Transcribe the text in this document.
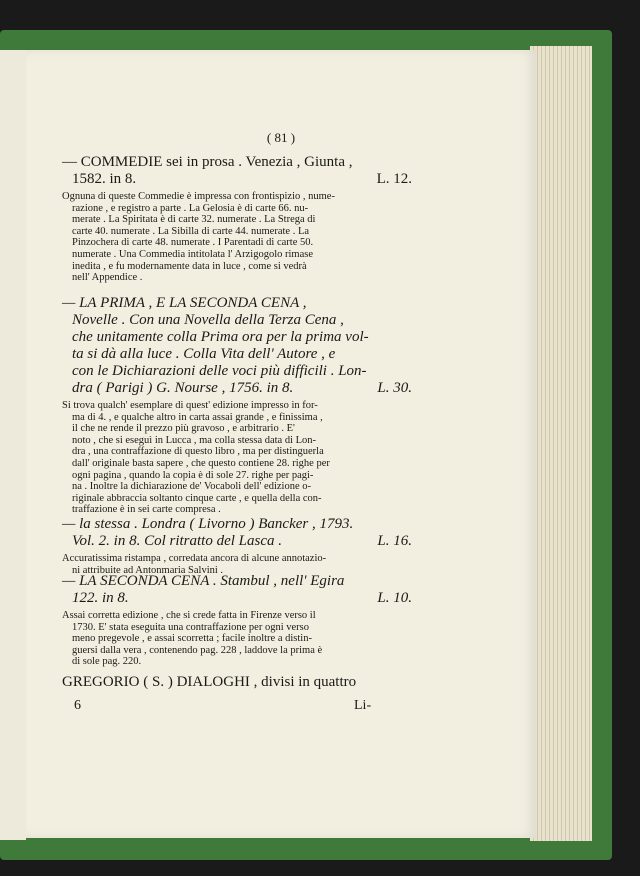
( 81 )
— COMMEDIE sei in prosa . Venezia , Giunta ,
1582. in 8.	L. 12.
Ognuna di queste Commedie è impressa con frontispizio , nume-
razione , e registro a parte . La Gelosia è di carte 66. nu-
merate . La Spiritata è di carte 32. numerate . La Strega di
carte 40. numerate . La Sibilla di carte 44. numerate . La
Pinzochera di carte 48. numerate . I Parentadi di carte 50.
numerate . Una Commedia intitolata l' Arzigogolo rimase
inedita , e fu modernamente data in luce , come si vedrà
nell' Appendice .
— LA PRIMA , E LA SECONDA CENA ,
Novelle . Con una Novella della Terza Cena ,
che unitamente colla Prima ora per la prima vol-
ta si dà alla luce . Colla Vita dell' Autore , e
con le Dichiarazioni delle voci più difficili . Lon-
dra ( Parigi ) G. Nourse , 1756. in 8.	L. 30.
Si trova qualch' esemplare di quest' edizione impresso in for-
ma di 4. , e qualche altro in carta assai grande , e finissima ,
il che ne rende il prezzo più gravoso , e arbitrario . E'
noto , che si eseguì in Lucca , ma colla stessa data di Lon-
dra , una contraffazione di questo libro , ma per distinguerla
dall' originale basta sapere , che questo contiene 28. righe per
ogni pagina , quando la copia è di sole 27. righe per pagi-
na . Inoltre la dichiarazione de' Vocaboli dell' edizione o-
riginale abbraccia soltanto cinque carte , e quella della con-
traffazione è in sei carte compresa .
— la stessa . Londra ( Livorno ) Bancker , 1793.
Vol. 2. in 8. Col ritratto del Lasca .	L. 16.
Accuratissima ristampa , corredata ancora di alcune annotazio-
ni attribuite ad Antonmaria Salvini .
— LA SECONDA CENA . Stambul , nell' Egira
122. in 8.	L. 10.
Assai corretta edizione , che si crede fatta in Firenze verso il
1730. E' stata eseguita una contraffazione per ogni verso
meno pregevole , e assai scorretta ; facile inoltre a distin-
guersi dalla vera , contenendo pag. 228 , laddove la prima è
di sole pag. 220.
GREGORIO ( S. ) DIALOGHI , divisi in quattro
6	Li-
